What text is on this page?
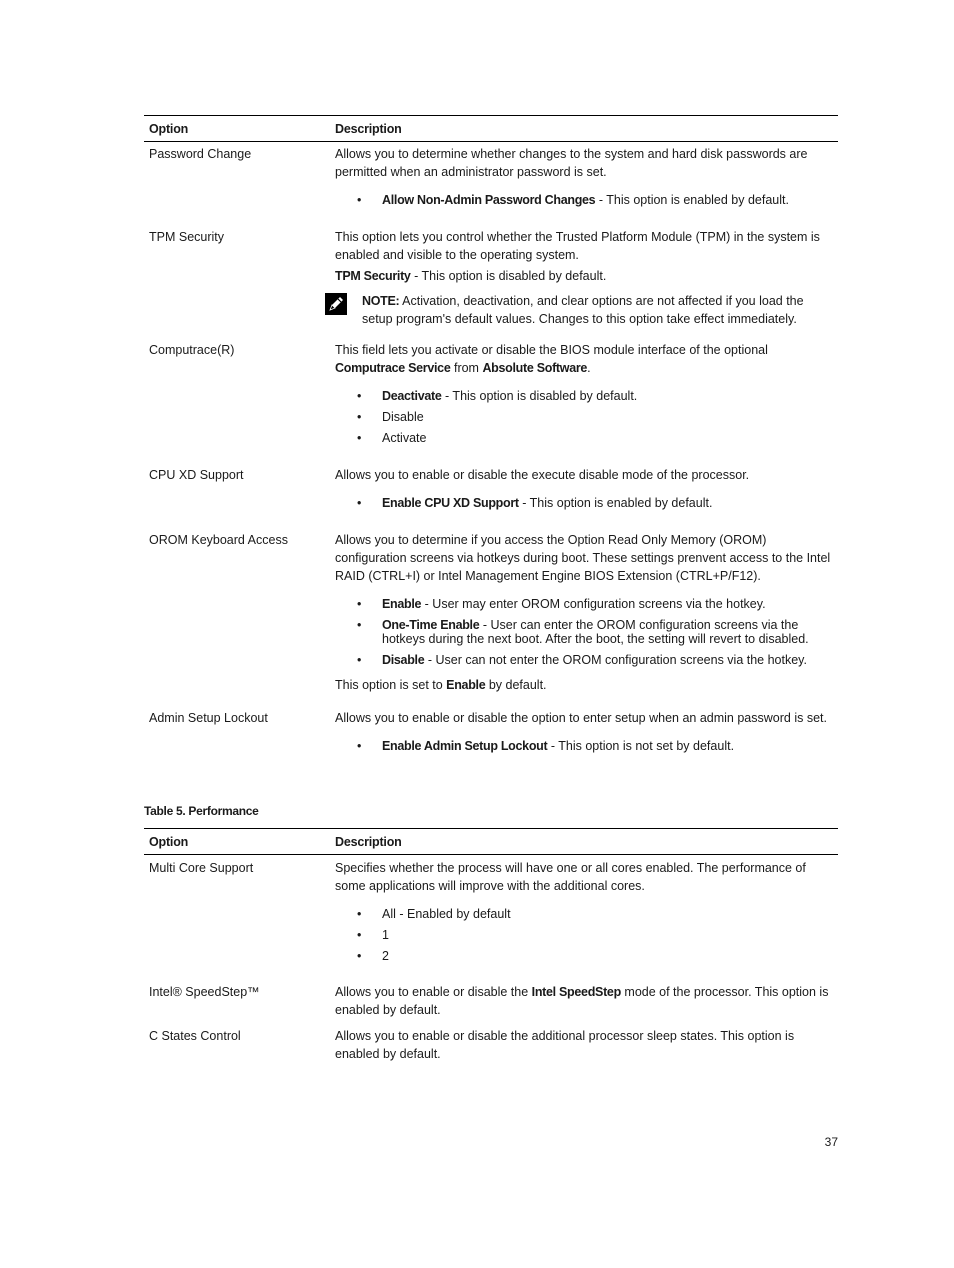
Option	Description
Password Change	Allows you to determine whether changes to the system and hard disk passwords are permitted when an administrator password is set.

• Allow Non-Admin Password Changes - This option is enabled by default.
TPM Security	This option lets you control whether the Trusted Platform Module (TPM) in the system is enabled and visible to the operating system.

TPM Security - This option is disabled by default.

NOTE: Activation, deactivation, and clear options are not affected if you load the setup program's default values. Changes to this option take effect immediately.
Computrace(R)	This field lets you activate or disable the BIOS module interface of the optional Computrace Service from Absolute Software.

• Deactivate - This option is disabled by default.
• Disable
• Activate
CPU XD Support	Allows you to enable or disable the execute disable mode of the processor.

• Enable CPU XD Support - This option is enabled by default.
OROM Keyboard Access	Allows you to determine if you access the Option Read Only Memory (OROM) configuration screens via hotkeys during boot. These settings prenvent access to the Intel RAID (CTRL+I) or Intel Management Engine BIOS Extension (CTRL+P/F12).

• Enable - User may enter OROM configuration screens via the hotkey.
• One-Time Enable - User can enter the OROM configuration screens via the hotkeys during the next boot. After the boot, the setting will revert to disabled.
• Disable - User can not enter the OROM configuration screens via the hotkey.

This option is set to Enable by default.

Admin Setup Lockout	Allows you to enable or disable the option to enter setup when an admin password is set.

• Enable Admin Setup Lockout - This option is not set by default.
Table 5. Performance
Option	Description
Multi Core Support	Specifies whether the process will have one or all cores enabled. The performance of some applications will improve with the additional cores.

• All - Enabled by default
• 1
• 2
Intel® SpeedStep™	Allows you to enable or disable the Intel SpeedStep mode of the processor. This option is enabled by default.

C States Control	Allows you to enable or disable the additional processor sleep states. This option is enabled by default.

37
